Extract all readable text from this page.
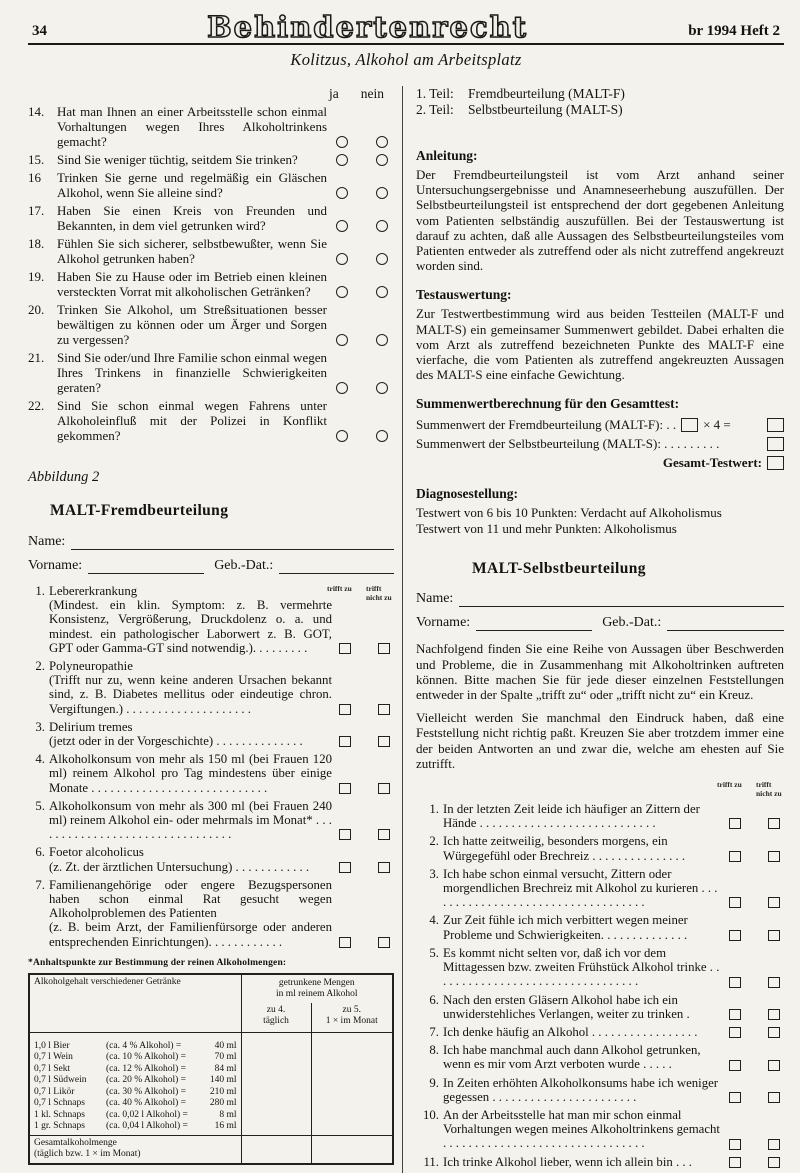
34	Behindertenrecht	br 1994 Heft 2
Kolitzus, Alkohol am Arbeitsplatz
ja nein
14. Hat man Ihnen an einer Arbeitsstelle schon einmal Vorhaltungen wegen Ihres Alkoholtrinkens gemacht?
15. Sind Sie weniger tüchtig, seitdem Sie trinken?
16	Trinken Sie gerne und regelmäßig ein Gläschen Alkohol, wenn Sie alleine sind?
17. Haben Sie einen Kreis von Freunden und Bekannten, in dem viel getrunken wird?
18. Fühlen Sie sich sicherer, selbstbewußter, wenn Sie Alkohol getrunken haben?
19. Haben Sie zu Hause oder im Betrieb einen kleinen versteckten Vorrat mit alkoholischen Getränken?
20. Trinken Sie Alkohol, um Streßsituationen besser bewältigen zu können oder um Ärger und Sorgen zu vergessen?
21. Sind Sie oder/und Ihre Familie schon einmal wegen Ihres Trinkens in finanzielle Schwierigkeiten geraten?
22. Sind Sie schon einmal wegen Fahrens unter Alkoholeinfluß mit der Polizei in Konflikt gekommen?
Abbildung 2
MALT-Fremdbeurteilung
Name:
Vorname:	Geb.-Dat.:
trifft zu	trifft nicht zu
1. Lebererkrankung
(Mindest. ein klin. Symptom: z. B. vermehrte Konsistenz, Vergrößerung, Druckdolenz o. a. und mindest. ein pathologischer Laborwert z. B. GOT, GPT oder Gamma-GT sind notwendig.). . . . . . . . .
2. Polyneuropathie
(Trifft nur zu, wenn keine anderen Ursachen bekannt sind, z. B. Diabetes mellitus oder eindeutige chron. Vergiftungen.) . . . . . . . . . . . . . . . . . . . .
3. Delirium tremes
(jetzt oder in der Vorgeschichte) . . . . . . . . . . . . . .
4. Alkoholkonsum von mehr als 150 ml (bei Frauen 120 ml) reinem Alkohol pro Tag mindestens über einige Monate . . . . . . . . . . . . . . . . . . . . . . . . . . . .
5. Alkoholkonsum von mehr als 300 ml (bei Frauen 240 ml) reinem Alkohol ein- oder mehrmals im Monat* . . . . . . . . . . . . . . . . . . . . . . . . . . . . . . . .
6. Foetor alcoholicus
(z. Zt. der ärztlichen Untersuchung) . . . . . . . . . . . .
7. Familienangehörige oder engere Bezugspersonen haben schon einmal Rat gesucht wegen Alkoholproblemen des Patienten
(z. B. beim Arzt, der Familienfürsorge oder anderen entsprechenden Einrichtungen). . . . . . . . . . . .
*Anhaltspunkte zur Bestimmung der reinen Alkoholmengen:
Alkoholgehalt verschiedener Getränke	getrunkene Mengen
in ml reinem Alkohol	

zu 4.
täglich

zu 5.
1 × im Monat

1,0 l Bier	(ca. 4 % Alkohol) =	40 ml
0,7 l Wein	(ca. 10 % Alkohol) =	70 ml
0,7 l Sekt	(ca. 12 % Alkohol) =	84 ml
0,7 l Südwein	(ca. 20 % Alkohol) =	140 ml
0,7 l Likör	(ca. 30 % Alkohol) =	210 ml
0,7 l Schnaps	(ca. 40 % Alkohol) =	280 ml
1 kl. Schnaps	(ca. 0,02 l Alkohol) =	8 ml
1 gr. Schnaps	(ca. 0,04 l Alkohol) =	16 ml

Gesamtalkoholmenge
(täglich bzw. 1 × im Monat)		

1. Teil:	Fremdbeurteilung (MALT-F)
2. Teil:	Selbstbeurteilung (MALT-S)
Anleitung:

Der Fremdbeurteilungsteil ist vom Arzt anhand seiner Untersuchungsergebnisse und Anamneseerhebung auszufüllen. Der Selbstbeurteilungsteil ist entsprechend der dort gegebenen Anleitung vom Patienten selbständig auszufüllen. Bei der Testauswertung ist darauf zu achten, daß alle Aussagen des Selbstbeurteilungsteiles vom Patienten entweder als zutreffend oder als nicht zutreffend angekreuzt worden sind.

Testauswertung:

Zur Testwertbestimmung wird aus beiden Testteilen (MALT-F und MALT-S) ein gemeinsamer Summenwert gebildet. Dabei erhalten die vom Arzt als zutreffend bezeichneten Punkte des MALT-F eine vierfache, die vom Patienten als zutreffend angekreuzten Aussagen des MALT-S eine einfache Gewichtung.

Summenwertberechnung für den Gesamttest:
Summenwert der Fremdbeurteilung (MALT-F): . . × 4 =
Summenwert der Selbstbeurteilung (MALT-S): . . . . . . . . .
Gesamt-Testwert:
Diagnosestellung:
Testwert von 6 bis 10 Punkten: Verdacht auf Alkoholismus
Testwert von 11 und mehr Punkten: Alkoholismus
MALT-Selbstbeurteilung
Name:
Vorname:	Geb.-Dat.:

Nachfolgend finden Sie eine Reihe von Aussagen über Beschwerden und Probleme, die in Zusammenhang mit Alkoholtrinken auftreten können. Bitte machen Sie für jede dieser einzelnen Feststellungen entweder in der Spalte „trifft zu“ oder „trifft nicht zu“ ein Kreuz.

Vielleicht werden Sie manchmal den Eindruck haben, daß eine Feststellung nicht richtig paßt. Kreuzen Sie aber trotzdem immer eine der beiden Antworten an und zwar die, welche am ehesten auf Sie zutrifft.

trifft zu	trifft nicht zu
1. In der letzten Zeit leide ich häufiger an Zittern der Hände . . . . . . . . . . . . . . . . . . . . . . . . . . . .
2. Ich hatte zeitweilig, besonders morgens, ein Würgegefühl oder Brechreiz . . . . . . . . . . . . . . .
3. Ich habe schon einmal versucht, Zittern oder morgendlichen Brechreiz mit Alkohol zu kurieren . . . . . . . . . . . . . . . . . . . . . . . . . . . . . . . . . . .
4. Zur Zeit fühle ich mich verbittert wegen meiner Probleme und Schwierigkeiten. . . . . . . . . . . . . .
5. Es kommt nicht selten vor, daß ich vor dem Mittagessen bzw. zweiten Frühstück Alkohol trinke . . . . . . . . . . . . . . . . . . . . . . . . . . . . . . . . .
6. Nach den ersten Gläsern Alkohol habe ich ein unwiderstehliches Verlangen, weiter zu trinken .
7. Ich denke häufig an Alkohol . . . . . . . . . . . . . . . . .
8. Ich habe manchmal auch dann Alkohol getrunken, wenn es mir vom Arzt verboten wurde . . . . .
9. In Zeiten erhöhten Alkoholkonsums habe ich weniger gegessen . . . . . . . . . . . . . . . . . . . . . . .
10. An der Arbeitsstelle hat man mir schon einmal Vorhaltungen wegen meines Alkoholtrinkens gemacht . . . . . . . . . . . . . . . . . . . . . . . . . . . . . . . .
11. Ich trinke Alkohol lieber, wenn ich allein bin . . .
